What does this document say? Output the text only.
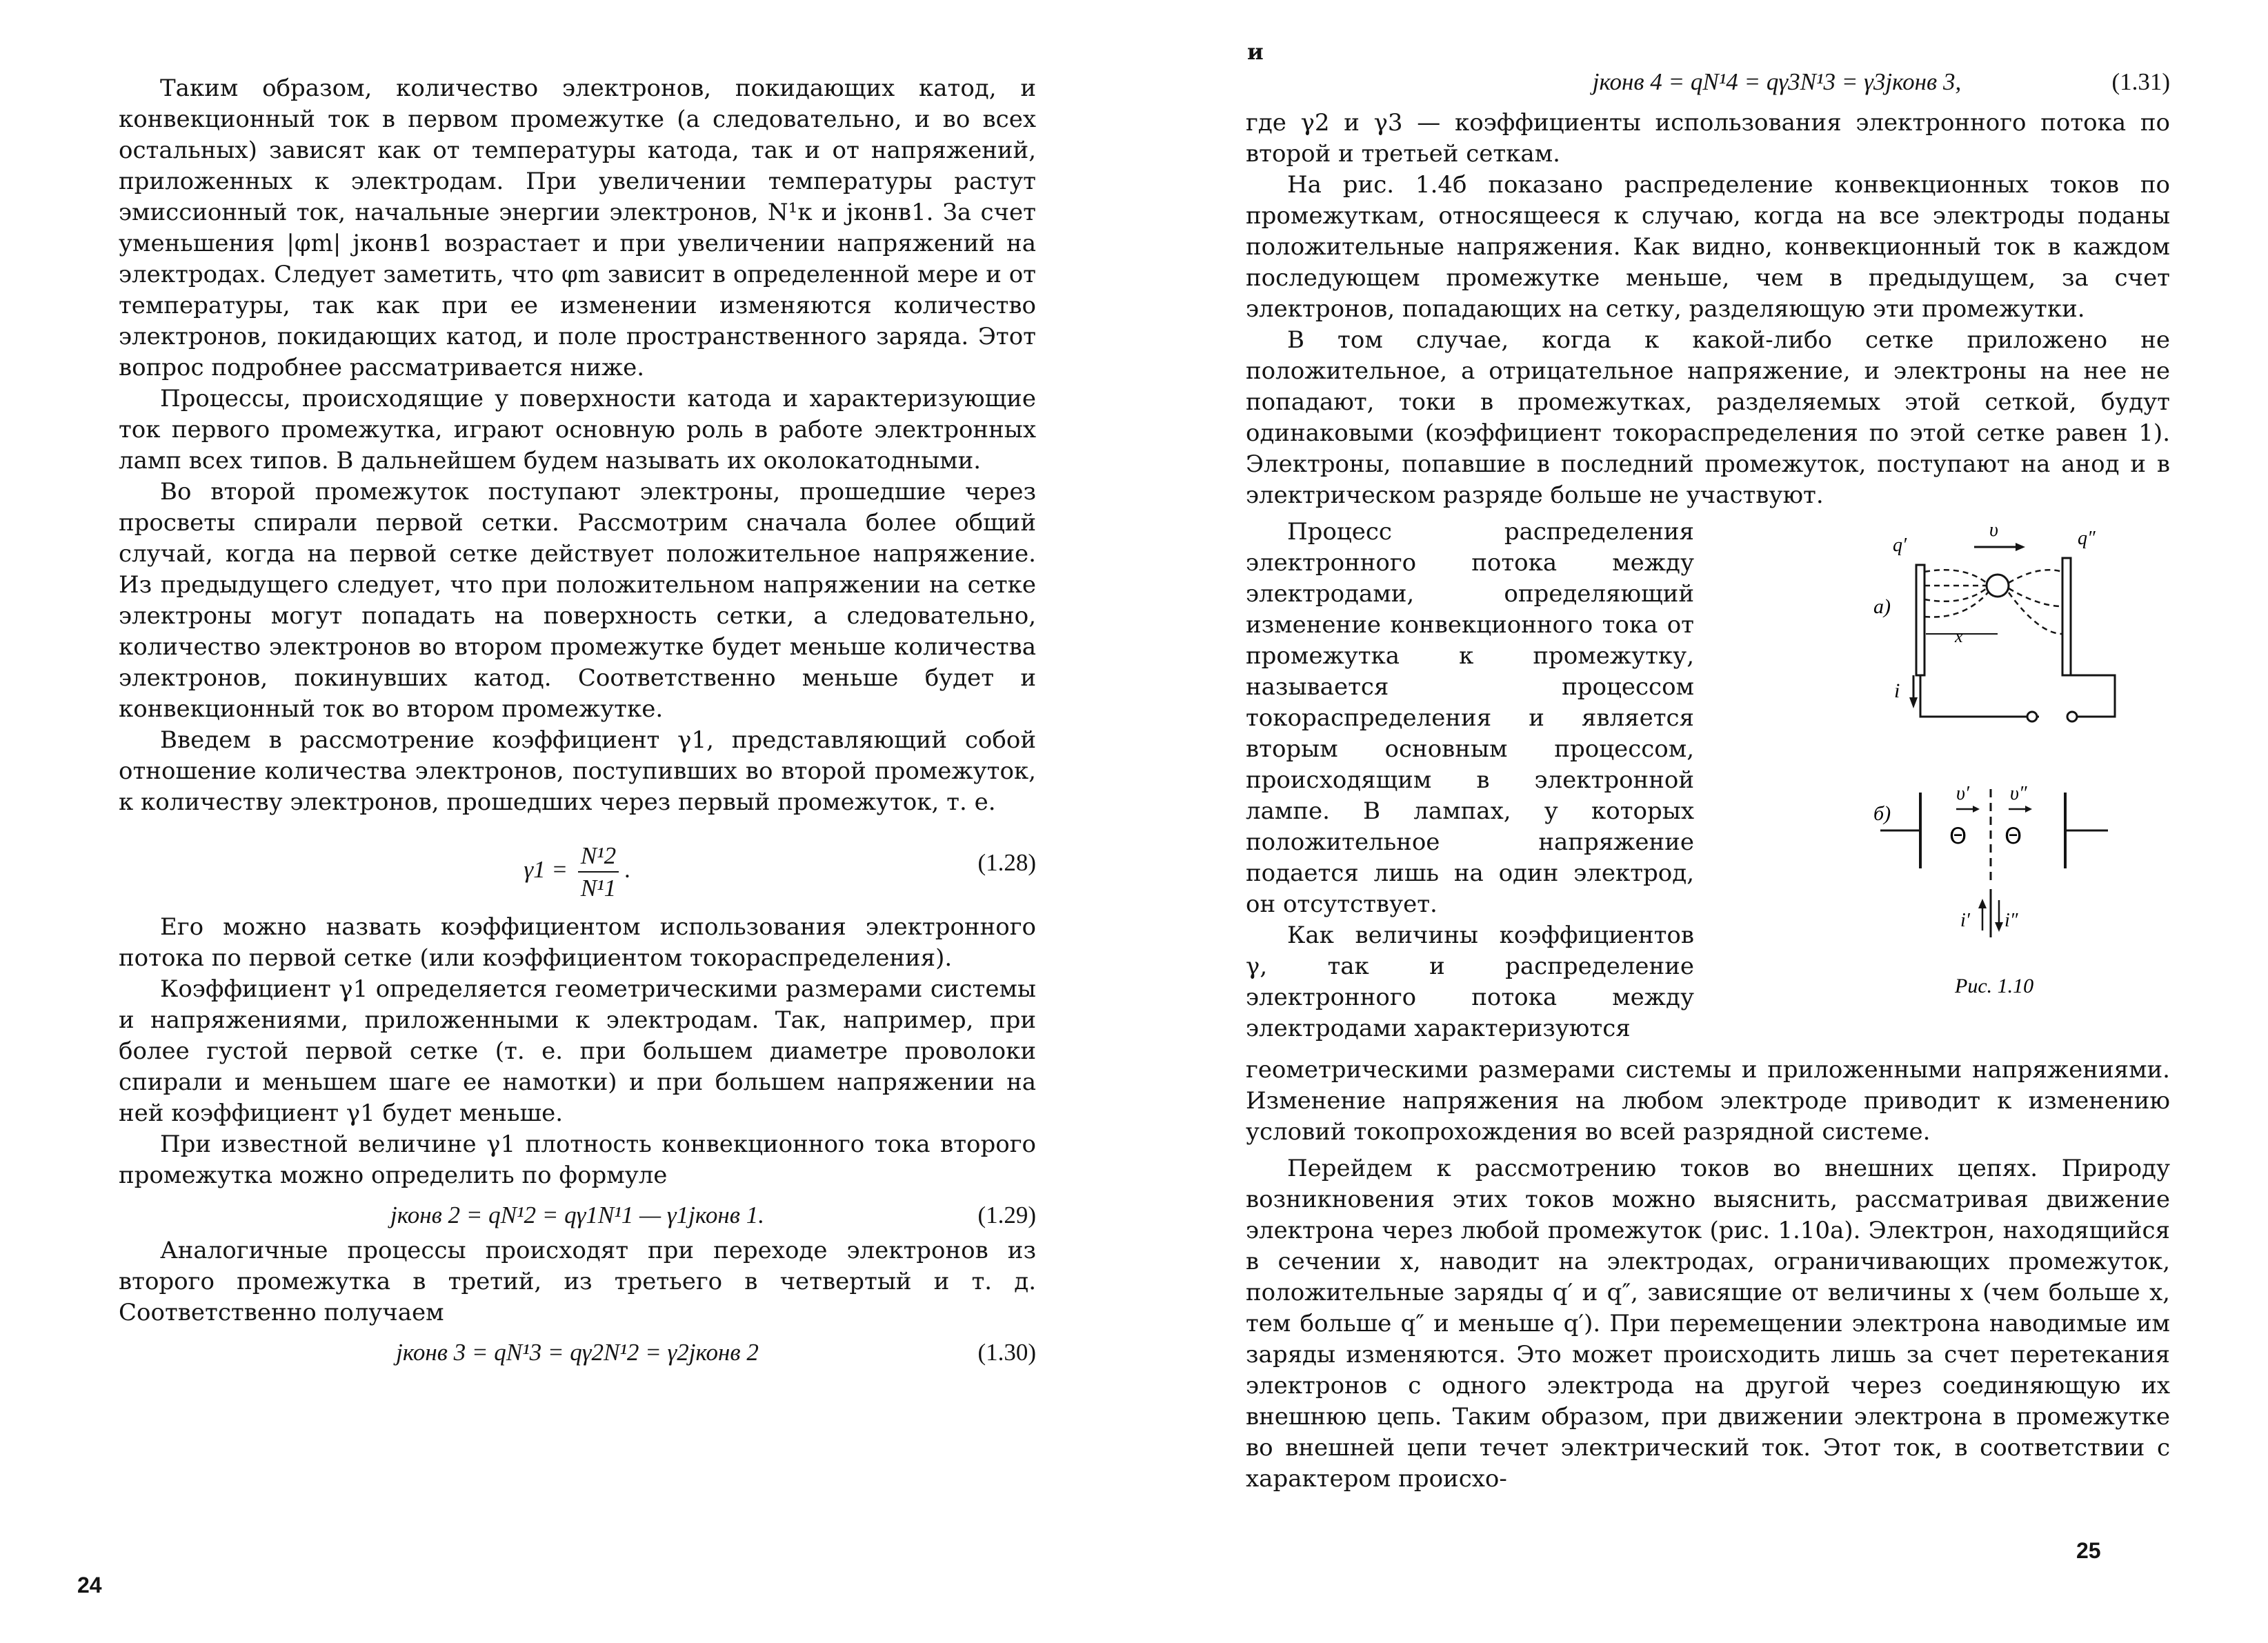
Таким образом, количество электронов, покидающих катод, и конвекционный ток в первом промежутке (а следовательно, и во всех остальных) зависят как от температуры катода, так и от напряжений, приложенных к электродам. При увеличении температуры растут эмиссионный ток, начальные энергии электронов, N¹к и jконв1. За счет уменьшения |φm| jконв1 возрастает и при увеличении напряжений на электродах. Следует заметить, что φm зависит в определенной мере и от температуры, так как при ее изменении изменяются количество электронов, покидающих катод, и поле пространственного заряда. Этот вопрос подробнее рассматривается ниже.

Процессы, происходящие у поверхности катода и характеризующие ток первого промежутка, играют основную роль в работе электронных ламп всех типов. В дальнейшем будем называть их околокатодными.

Во второй промежуток поступают электроны, прошедшие через просветы спирали первой сетки. Рассмотрим сначала более общий случай, когда на первой сетке действует положительное напряжение. Из предыдущего следует, что при положительном напряжении на сетке электроны могут попадать на поверхность сетки, а следовательно, количество электронов во втором промежутке будет меньше количества электронов, покинувших катод. Соответственно меньше будет и конвекционный ток во втором промежутке.

Введем в рассмотрение коэффициент γ1, представляющий собой отношение количества электронов, поступивших во второй промежуток, к количеству электронов, прошедших через первый промежуток, т. е.

$\gamma 1 = \frac{\text{N¹2}}{\text{N¹1}}$ .	(1.28)

Его можно назвать коэффициентом использования электронного потока по первой сетке (или коэффициентом токораспределения).

Коэффициент γ1 определяется геометрическими размерами системы и напряжениями, приложенными к электродам. Так, например, при более густой первой сетке (т. е. при большем диаметре проволоки спирали и меньшем шаге ее намотки) и при большем напряжении на ней коэффициент γ1 будет меньше.

При известной величине γ1 плотность конвекционного тока второго промежутка можно определить по формуле

jконв 2 = qN¹2 = qγ1N¹1 — γ1jконв 1.	(1.29)

Аналогичные процессы происходят при переходе электронов из второго промежутка в третий, из третьего в четвертый и т. д. Соответственно получаем

jконв 3 = qN¹3 = qγ2N¹2 = γ2jконв 2	(1.30)
24
и
jконв 4 = qN¹4 = qγ3N¹3 = γ3jконв 3,	(1.31)

где γ2 и γ3 — коэффициенты использования электронного потока по второй и третьей сеткам.

На рис. 1.4б показано распределение конвекционных токов по промежуткам, относящееся к случаю, когда на все электроды поданы положительные напряжения. Как видно, конвекционный ток в каждом последующем промежутке меньше, чем в предыдущем, за счет электронов, попадающих на сетку, разделяющую эти промежутки.

В том случае, когда к какой-либо сетке приложено не положительное, а отрицательное напряжение, и электроны на нее не попадают, токи в промежутках, разделяемых этой сеткой, будут одинаковыми (коэффициент токораспределения по этой сетке равен 1). Электроны, попавшие в последний промежуток, поступают на анод и в электрическом разряде больше не участвуют.

Процесс распределения электронного потока между электродами, определяющий изменение конвекционного тока от промежутка к промежутку, называется процессом токораспределения и является вторым основным процессом, происходящим в электронной лампе. В лампах, у которых положительное напряжение подается лишь на один электрод, он отсутствует.

Как величины коэффициентов γ, так и распределение электронного потока между электродами характеризуются

а)
q′	q″
υ
x
i
б)
Θ Θ
υ′ υ″
i′ i″
Рис. 1.10

геометрическими размерами системы и приложенными напряжениями. Изменение напряжения на любом электроде приводит к изменению условий токопрохождения во всей разрядной системе.

Перейдем к рассмотрению токов во внешних цепях. Природу возникновения этих токов можно выяснить, рассматривая движение электрона через любой промежуток (рис. 1.10а). Электрон, находящийся в сечении x, наводит на электродах, ограничивающих промежуток, положительные заряды q′ и q″, зависящие от величины x (чем больше x, тем больше q″ и меньше q′). При перемещении электрона наводимые им заряды изменяются. Это может происходить лишь за счет перетекания электронов с одного электрода на другой через соединяющую их внешнюю цепь. Таким образом, при движении электрона в промежутке во внешней цепи течет электрический ток. Этот ток, в соответствии с характером происхо-

25
